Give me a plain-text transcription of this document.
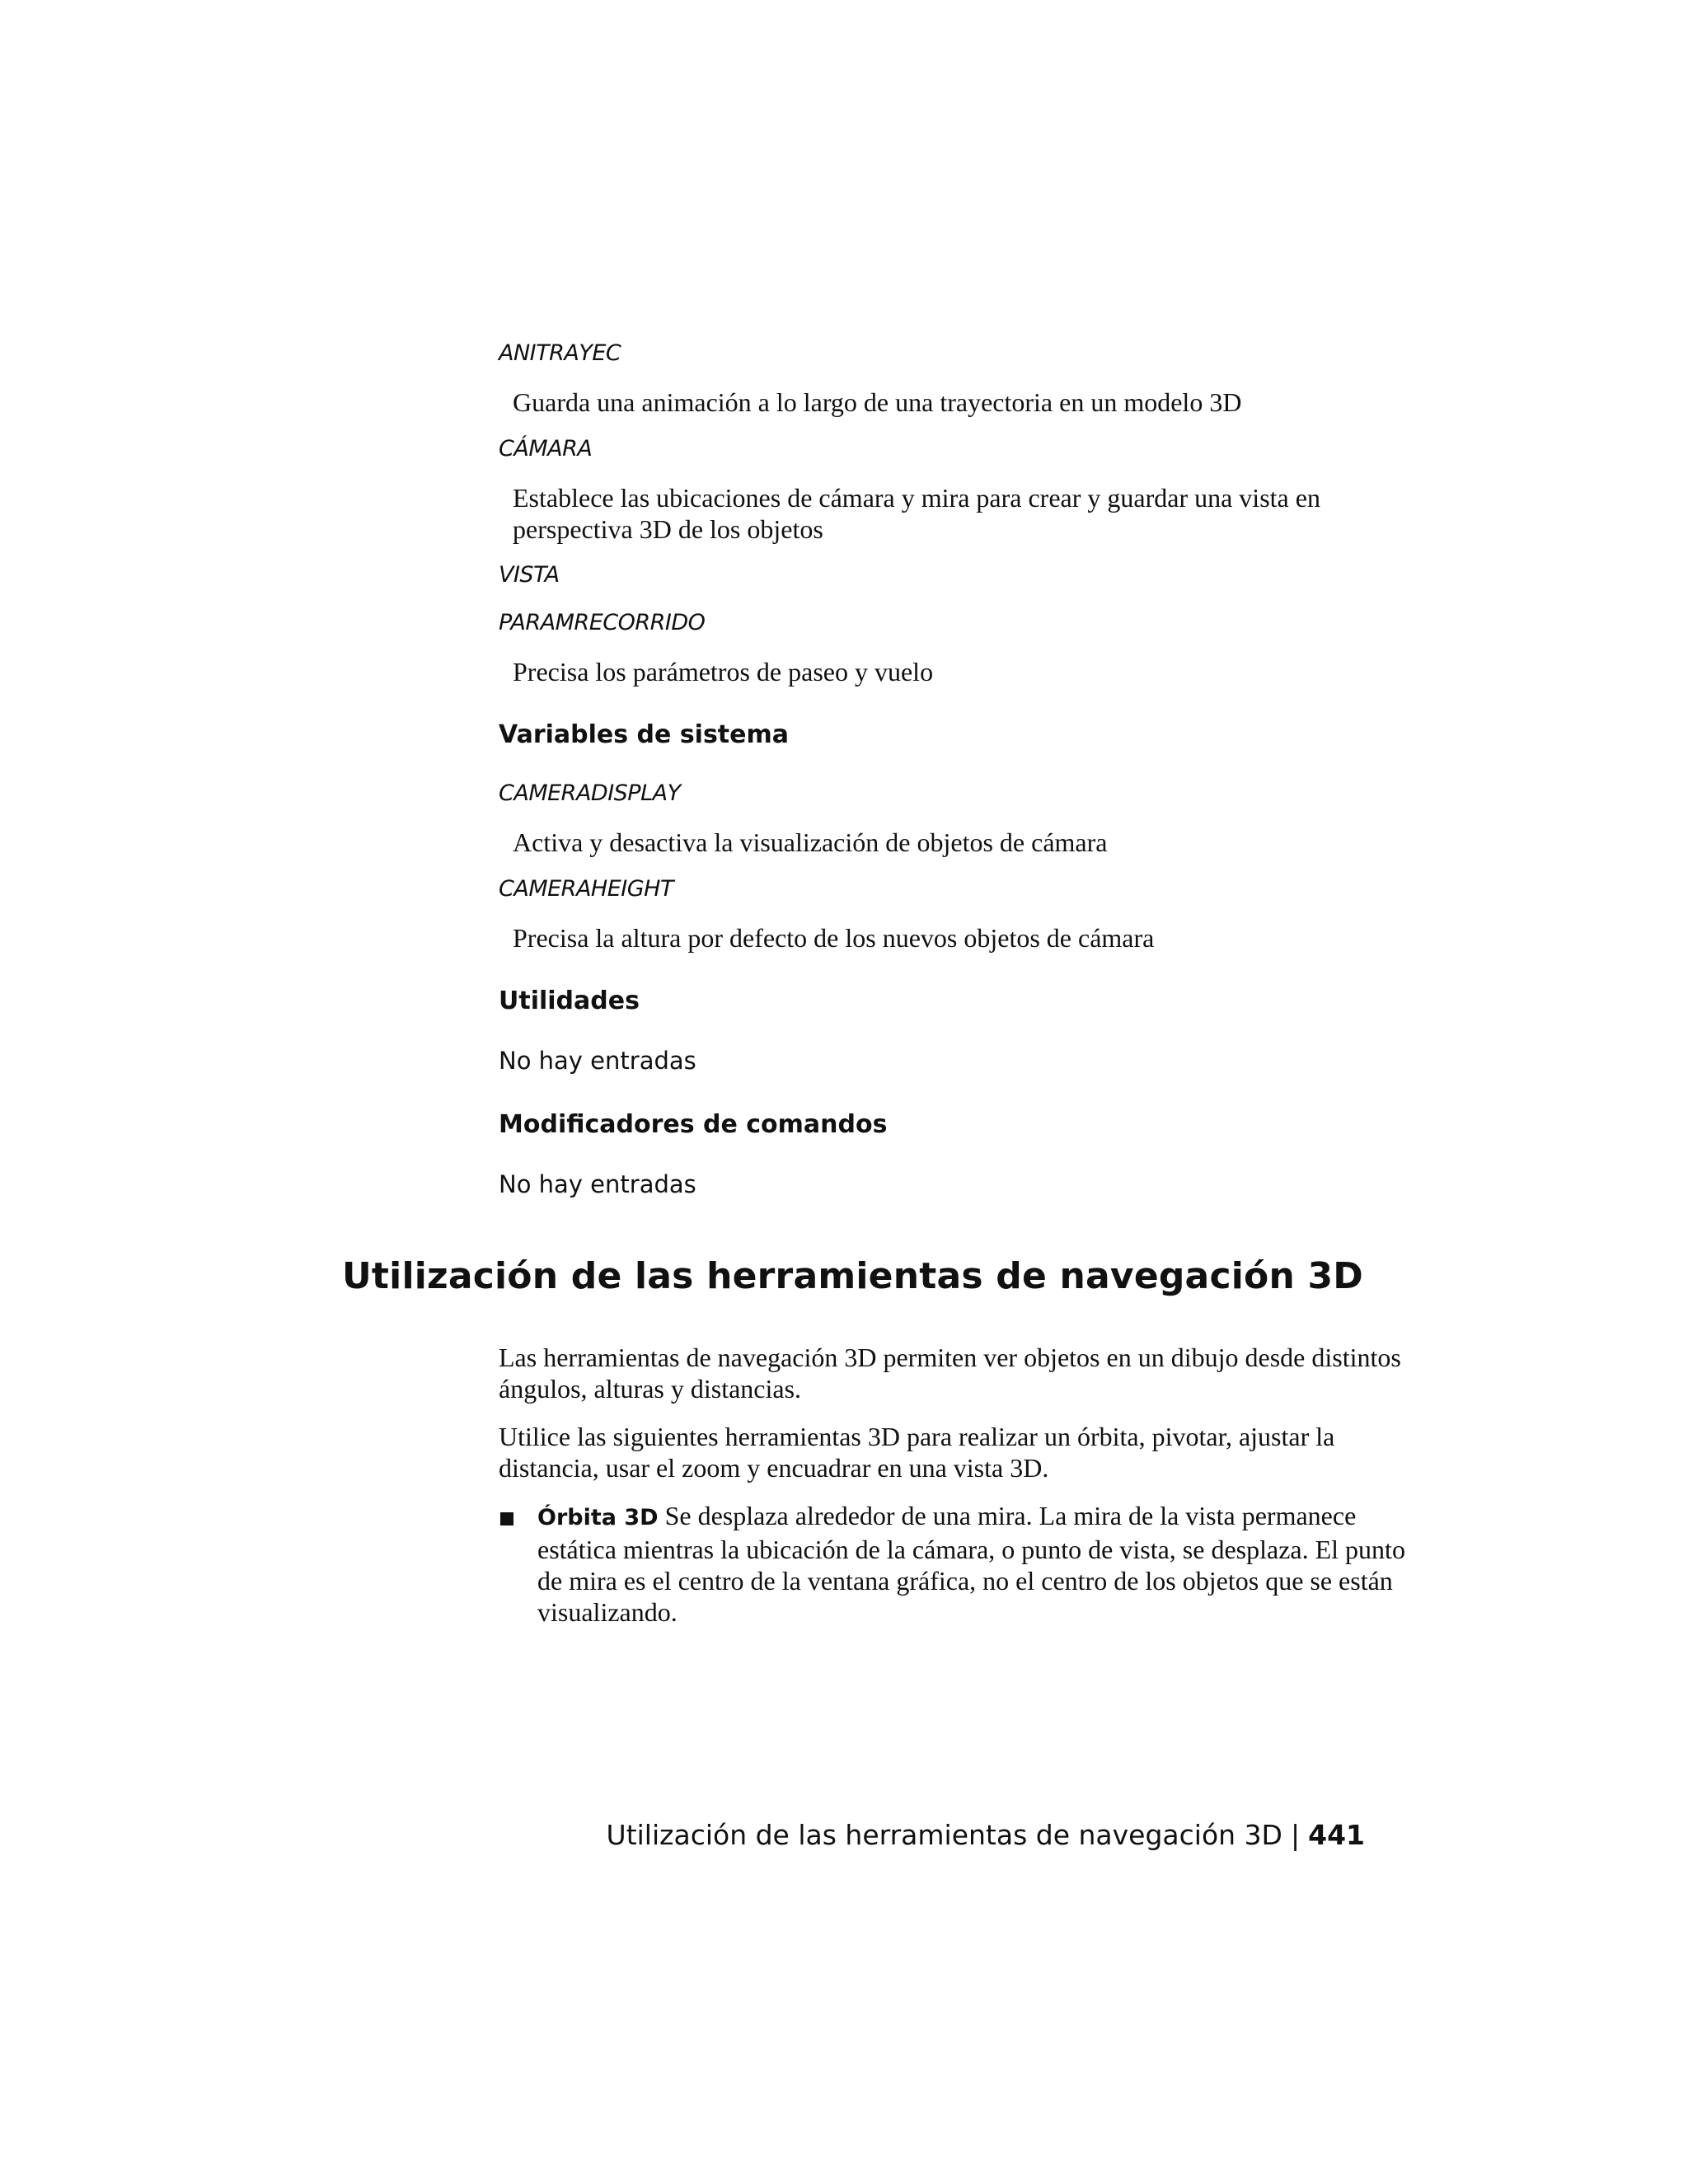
ANITRAYEC
Guarda una animación a lo largo de una trayectoria en un modelo 3D
CÁMARA
Establece las ubicaciones de cámara y mira para crear y guardar una vista en perspectiva 3D de los objetos
VISTA
PARAMRECORRIDO
Precisa los parámetros de paseo y vuelo
Variables de sistema
CAMERADISPLAY
Activa y desactiva la visualización de objetos de cámara
CAMERAHEIGHT
Precisa la altura por defecto de los nuevos objetos de cámara
Utilidades
No hay entradas
Modificadores de comandos
No hay entradas
Utilización de las herramientas de navegación 3D
Las herramientas de navegación 3D permiten ver objetos en un dibujo desde distintos ángulos, alturas y distancias.
Utilice las siguientes herramientas 3D para realizar un órbita, pivotar, ajustar la distancia, usar el zoom y encuadrar en una vista 3D.
Órbita 3D Se desplaza alrededor de una mira. La mira de la vista permanece estática mientras la ubicación de la cámara, o punto de vista, se desplaza. El punto de mira es el centro de la ventana gráfica, no el centro de los objetos que se están visualizando.
Utilización de las herramientas de navegación 3D | 441
